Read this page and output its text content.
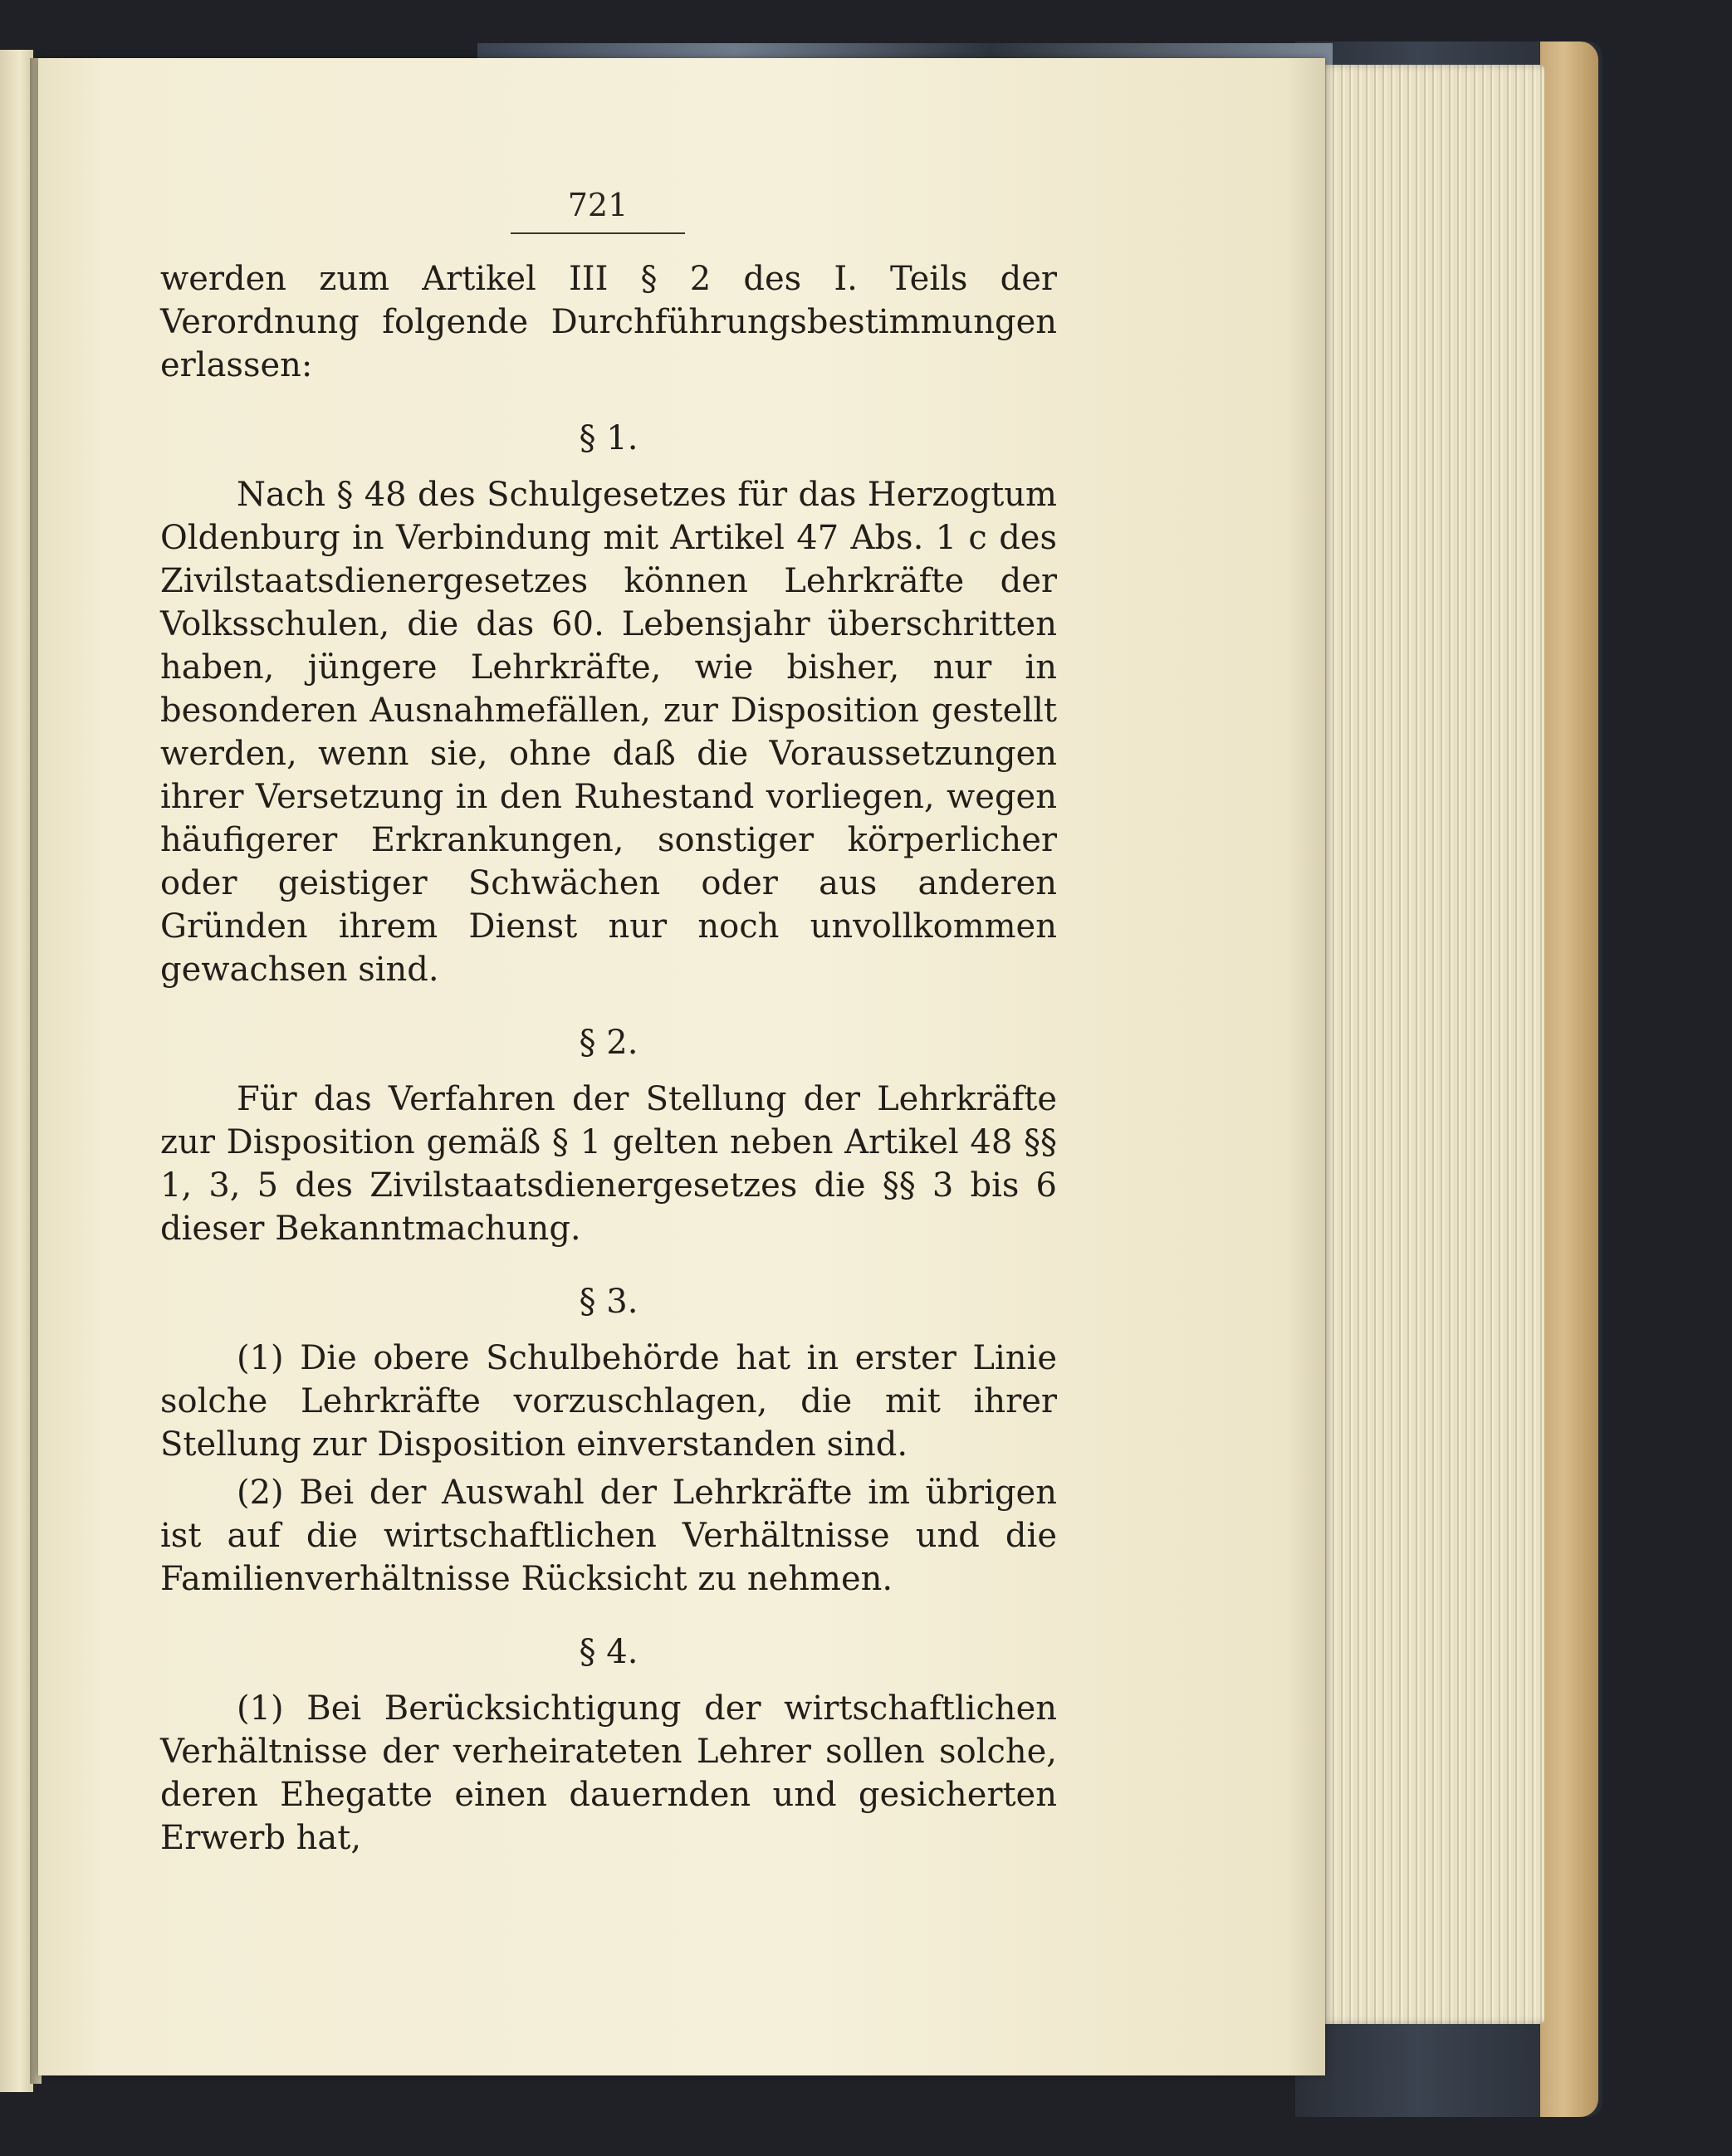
721

werden zum Artikel III § 2 des I. Teils der Verordnung folgende Durchführungsbestimmungen erlassen:

§ 1.

Nach § 48 des Schulgesetzes für das Herzogtum Oldenburg in Verbindung mit Artikel 47 Abs. 1 c des Zivilstaatsdienergesetzes können Lehrkräfte der Volksschulen, die das 60. Lebensjahr überschritten haben, jüngere Lehrkräfte, wie bisher, nur in besonderen Ausnahmefällen, zur Disposition gestellt werden, wenn sie, ohne daß die Voraussetzungen ihrer Versetzung in den Ruhestand vorliegen, wegen häufigerer Erkrankungen, sonstiger körperlicher oder geistiger Schwächen oder aus anderen Gründen ihrem Dienst nur noch unvollkommen gewachsen sind.

§ 2.

Für das Verfahren der Stellung der Lehrkräfte zur Disposition gemäß § 1 gelten neben Artikel 48 §§ 1, 3, 5 des Zivilstaatsdienergesetzes die §§ 3 bis 6 dieser Bekanntmachung.

§ 3.

(1) Die obere Schulbehörde hat in erster Linie solche Lehrkräfte vorzuschlagen, die mit ihrer Stellung zur Disposition einverstanden sind.

(2) Bei der Auswahl der Lehrkräfte im übrigen ist auf die wirtschaftlichen Verhältnisse und die Familienverhältnisse Rücksicht zu nehmen.

§ 4.

(1) Bei Berücksichtigung der wirtschaftlichen Verhältnisse der verheirateten Lehrer sollen solche, deren Ehegatte einen dauernden und gesicherten Erwerb hat,
